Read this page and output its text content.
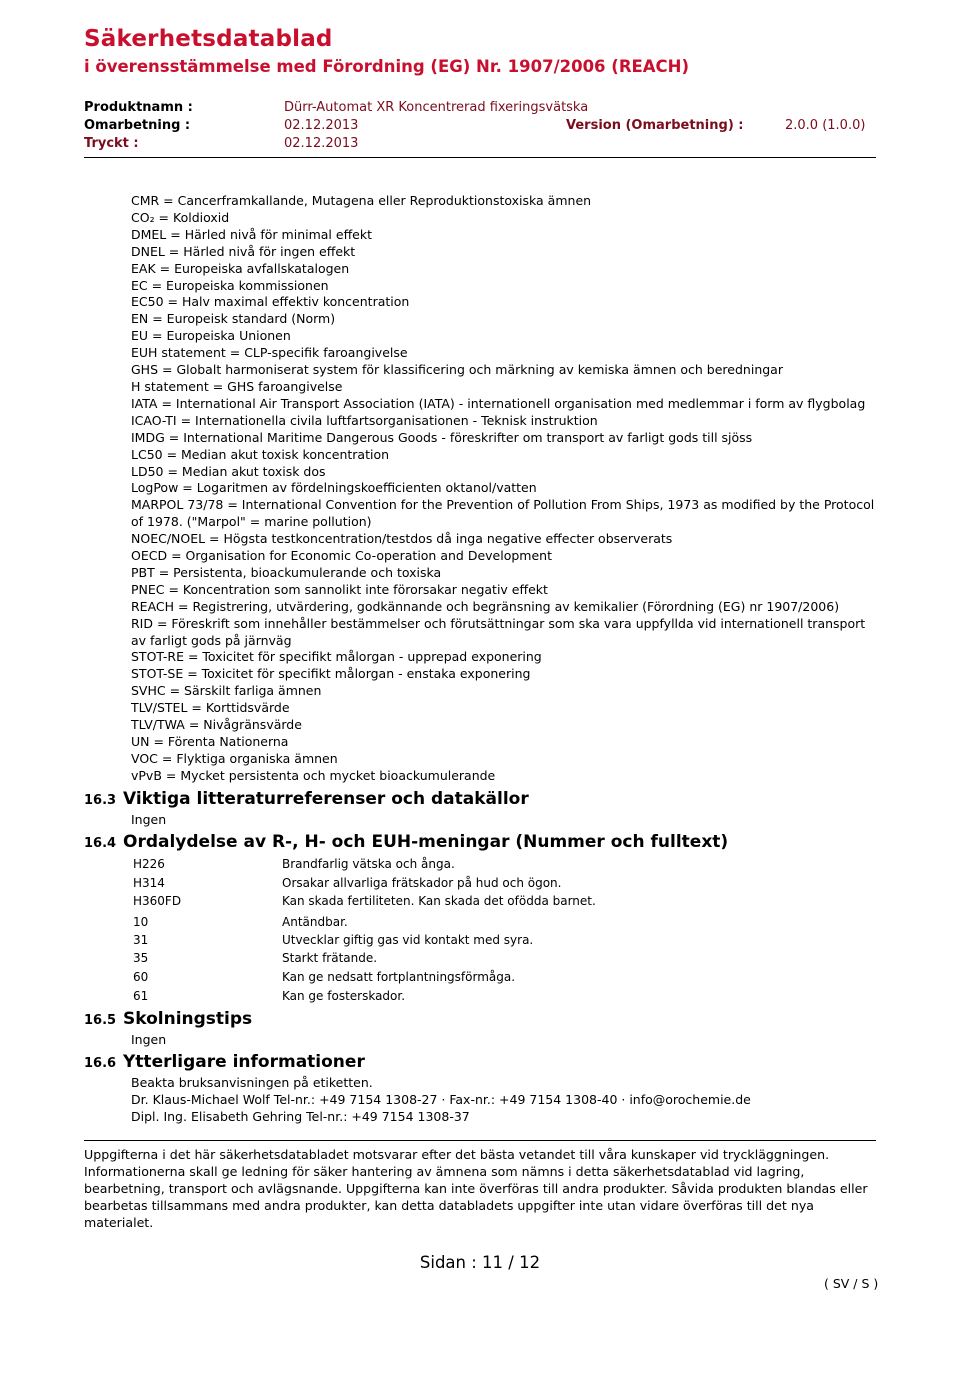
Säkerhetsdatablad
i överensstämmelse med Förordning (EG) Nr. 1907/2006 (REACH)
Produktnamn :	Dürr-Automat XR Koncentrerad fixeringsvätska
Omarbetning :	02.12.2013	Version (Omarbetning) :	2.0.0 (1.0.0)
Tryckt :	02.12.2013
CMR = Cancerframkallande, Mutagena eller Reproduktionstoxiska ämnen
CO₂ = Koldioxid
DMEL = Härled nivå för minimal effekt
DNEL = Härled nivå för ingen effekt
EAK = Europeiska avfallskatalogen
EC = Europeiska kommissionen
EC50 = Halv maximal effektiv koncentration
EN = Europeisk standard (Norm)
EU = Europeiska Unionen
EUH statement = CLP-specifik faroangivelse
GHS = Globalt harmoniserat system för klassificering och märkning av kemiska ämnen och beredningar
H statement = GHS faroangivelse
IATA = International Air Transport Association (IATA) - internationell organisation med medlemmar i form av flygbolag
ICAO-TI = Internationella civila luftfartsorganisationen - Teknisk instruktion
IMDG = International Maritime Dangerous Goods - föreskrifter om transport av farligt gods till sjöss
LC50 = Median akut toxisk koncentration
LD50 = Median akut toxisk dos
LogPow = Logaritmen av fördelningskoefficienten oktanol/vatten
MARPOL 73/78 = International Convention for the Prevention of Pollution From Ships, 1973 as modified by the Protocol of 1978. ("Marpol" = marine pollution)
NOEC/NOEL = Högsta testkoncentration/testdos då inga negative effecter observerats
OECD = Organisation for Economic Co-operation and Development
PBT = Persistenta, bioackumulerande och toxiska
PNEC = Koncentration som sannolikt inte förorsakar negativ effekt
REACH = Registrering, utvärdering, godkännande och begränsning av kemikalier (Förordning (EG) nr 1907/2006)
RID = Föreskrift som innehåller bestämmelser och förutsättningar som ska vara uppfyllda vid internationell transport av farligt gods på järnväg
STOT-RE = Toxicitet för specifikt målorgan - upprepad exponering
STOT-SE = Toxicitet för specifikt målorgan - enstaka exponering
SVHC = Särskilt farliga ämnen
TLV/STEL = Korttidsvärde
TLV/TWA = Nivågränsvärde
UN = Förenta Nationerna
VOC = Flyktiga organiska ämnen
vPvB = Mycket persistenta och mycket bioackumulerande
16.3 Viktiga litteraturreferenser och datakällor
Ingen
16.4 Ordalydelse av R-, H- och EUH-meningar (Nummer och fulltext)
H226	Brandfarlig vätska och ånga.
H314	Orsakar allvarliga frätskador på hud och ögon.
H360FD	Kan skada fertiliteten. Kan skada det ofödda barnet.
10	Antändbar.
31	Utvecklar giftig gas vid kontakt med syra.
35	Starkt frätande.
60	Kan ge nedsatt fortplantningsförmåga.
61	Kan ge fosterskador.
16.5 Skolningstips
Ingen
16.6 Ytterligare informationer
Beakta bruksanvisningen på etiketten.
Dr. Klaus-Michael Wolf Tel-nr.: +49 7154 1308-27 · Fax-nr.: +49 7154 1308-40 · info@orochemie.de
Dipl. Ing. Elisabeth Gehring Tel-nr.: +49 7154 1308-37
Uppgifterna i det här säkerhetsdatabladet motsvarar efter det bästa vetandet till våra kunskaper vid tryckläggningen. Informationerna skall ge ledning för säker hantering av ämnena som nämns i detta säkerhetsdatablad vid lagring, bearbetning, transport och avlägsnande. Uppgifterna kan inte överföras till andra produkter. Såvida produkten blandas eller bearbetas tillsammans med andra produkter, kan detta databladets uppgifter inte utan vidare överföras till det nya materialet.
Sidan : 11 / 12
( SV / S )
